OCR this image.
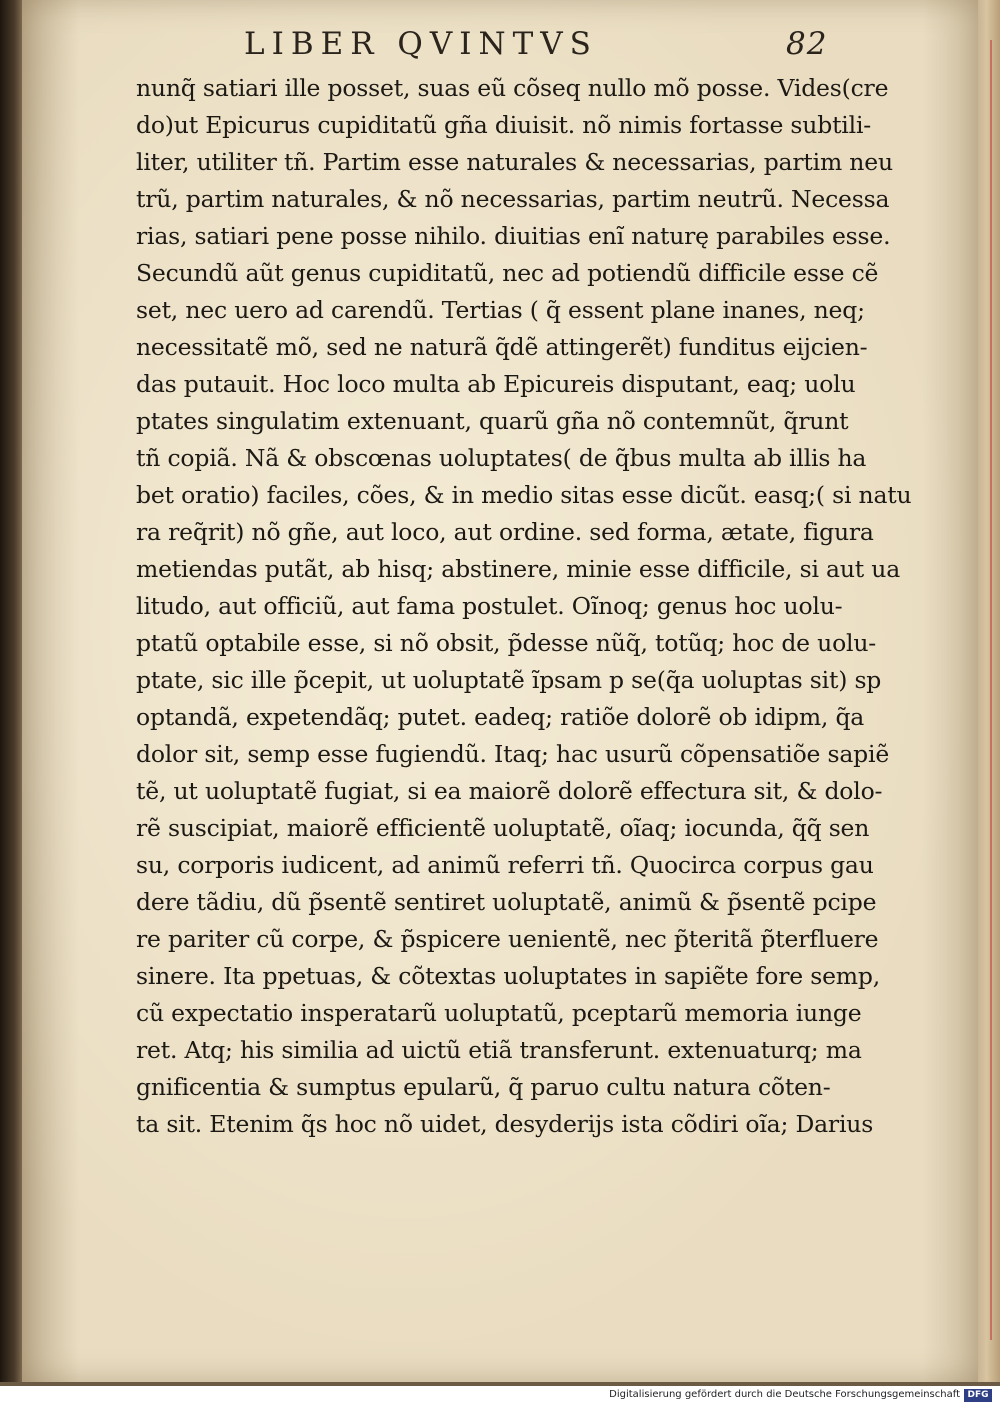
LIBER QVINTVS	82
nunq̃ satiari ille posset, suas eũ cõseq nullo mõ posse. Vides(cre
do)ut Epicurus cupiditatũ gña diuisit. nõ nimis fortasse subtili-
liter, utiliter tñ. Partim esse naturales & necessarias, partim neu
trũ, partim naturales, & nõ necessarias, partim neutrũ. Necessa
rias, satiari pene posse nihilo. diuitias enĩ naturę parabiles esse.
Secundũ aũt genus cupiditatũ, nec ad potiendũ difficile esse cẽ
set, nec uero ad carendũ. Tertias ( q̃ essent plane inanes, neq;
necessitatẽ mõ, sed ne naturã q̃dẽ attingerẽt) funditus eijcien-
das putauit. Hoc loco multa ab Epicureis disputant, eaq; uolu
ptates singulatim extenuant, quarũ gña nõ contemnũt, q̃runt
tñ copiã. Nã & obscœnas uoluptates( de q̃bus multa ab illis ha
bet oratio) faciles, cões, & in medio sitas esse dicũt. easq;( si natu
ra req̃rit) nõ gñe, aut loco, aut ordine. sed forma, ætate, figura
metiendas putãt, ab hisq; abstinere, minie esse difficile, si aut ua
litudo, aut officiũ, aut fama postulet. Oĩnoq; genus hoc uolu-
ptatũ optabile esse, si nõ obsit, p̃desse nũq̃, totũq; hoc de uolu-
ptate, sic ille p̃cepit, ut uoluptatẽ ĩpsam p se(q̃a uoluptas sit) sp
optandã, expetendãq; putet. eadeq; ratiõe dolorẽ ob idipm, q̃a
dolor sit, semp esse fugiendũ. Itaq; hac usurũ cõpensatiõe sapiẽ
tẽ, ut uoluptatẽ fugiat, si ea maiorẽ dolorẽ effectura sit, & dolo-
rẽ suscipiat, maiorẽ efficientẽ uoluptatẽ, oĩaq; iocunda, q̃q̃ sen
su, corporis iudicent, ad animũ referri tñ. Quocirca corpus gau
dere tãdiu, dũ p̃sentẽ sentiret uoluptatẽ, animũ & p̃sentẽ pcipe
re pariter cũ corpe, & p̃spicere uenientẽ, nec p̃teritã p̃terfluere
sinere. Ita ppetuas, & cõtextas uoluptates in sapiẽte fore semp,
cũ expectatio insperatarũ uoluptatũ, pceptarũ memoria iunge
ret. Atq; his similia ad uictũ etiã transferunt. extenuaturq; ma
gnificentia & sumptus epularũ, q̃ paruo cultu natura cõten-
ta sit. Etenim q̃s hoc nõ uidet, desyderijs ista cõdiri oĩa; Darius
Digitalisierung gefördert durch die Deutsche Forschungsgemeinschaft DFG
